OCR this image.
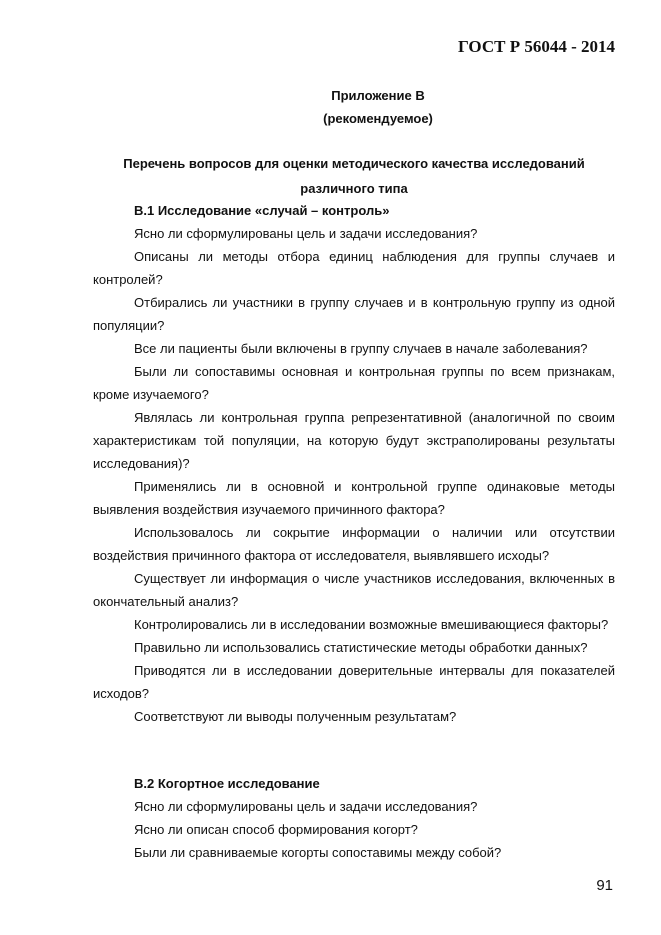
ГОСТ Р 56044 - 2014
Приложение В
(рекомендуемое)
Перечень вопросов для оценки методического качества исследований различного типа

В.1 Исследование «случай – контроль»

Ясно ли сформулированы цель и задачи исследования?

Описаны ли методы отбора единиц наблюдения для группы случаев и контролей?

Отбирались ли участники в группу случаев и в контрольную группу из одной популяции?

Все ли пациенты были включены в группу случаев в начале заболевания?

Были ли сопоставимы основная и контрольная группы по всем признакам, кроме изучаемого?

Являлась ли контрольная группа репрезентативной (аналогичной по своим характеристикам той популяции, на которую будут экстраполированы результаты исследования)?

Применялись ли в основной и контрольной группе одинаковые методы выявления воздействия изучаемого причинного фактора?

Использовалось ли сокрытие информации о наличии или отсутствии воздействия причинного фактора от исследователя, выявлявшего исходы?

Существует ли информация о числе участников исследования, включенных в окончательный анализ?

Контролировались ли в исследовании возможные вмешивающиеся факторы?

Правильно ли использовались статистические методы обработки данных?

Приводятся ли в исследовании доверительные интервалы для показателей исходов?

Соответствуют ли выводы полученным результатам?

В.2 Когортное исследование

Ясно ли сформулированы цель и задачи исследования?

Ясно ли описан способ формирования когорт?

Были ли сравниваемые когорты сопоставимы между собой?

91
